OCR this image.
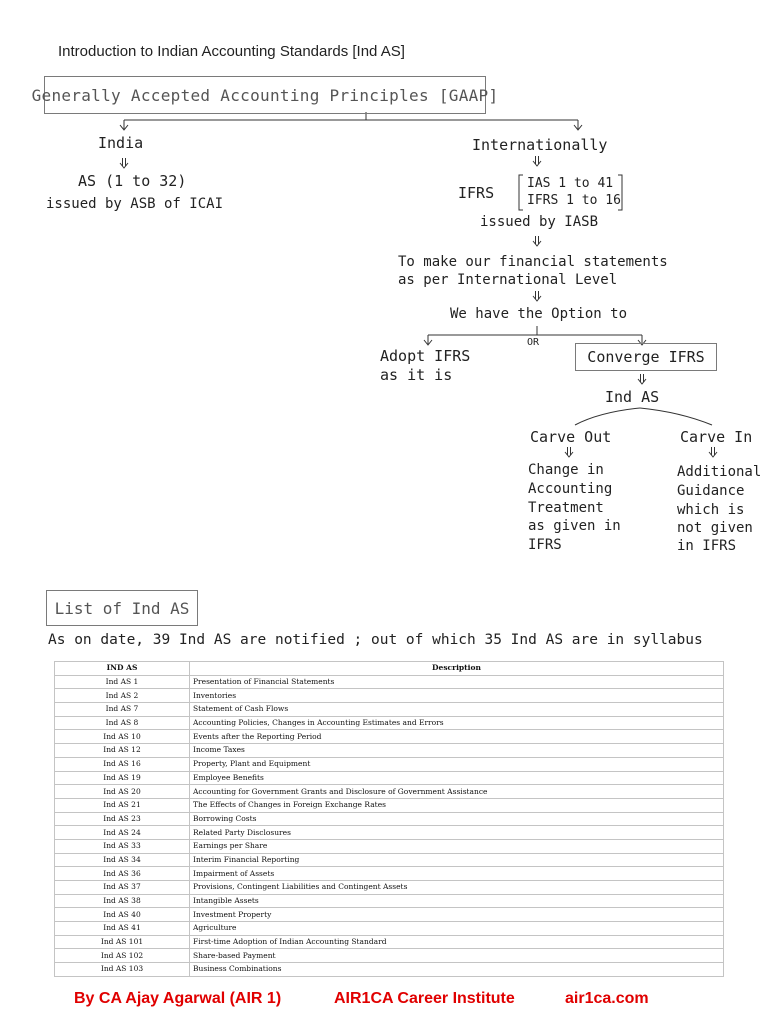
Introduction to Indian Accounting Standards [Ind AS]
Generally Accepted Accounting Principles [GAAP]
India
AS (1 to 32)
issued by ASB of ICAI
Internationally
IFRS
IAS 1 to 41
IFRS 1 to 16
issued by IASB
To make our financial statements
as per International Level
We have the Option to
OR
Adopt IFRS
as it is
Converge IFRS
Ind AS
Carve Out	Carve In
Change in
Accounting
Treatment
as given in
IFRS
Additional
Guidance
which is
not given
in IFRS
List of Ind AS
As on date, 39 Ind AS are notified ; out of which 35 Ind AS are in syllabus
IND AS	Description
Ind AS 1	Presentation of Financial Statements
Ind AS 2	Inventories
Ind AS 7	Statement of Cash Flows
Ind AS 8	Accounting Policies, Changes in Accounting Estimates and Errors
Ind AS 10	Events after the Reporting Period
Ind AS 12	Income Taxes
Ind AS 16	Property, Plant and Equipment
Ind AS 19	Employee Benefits
Ind AS 20	Accounting for Government Grants and Disclosure of Government Assistance
Ind AS 21	The Effects of Changes in Foreign Exchange Rates
Ind AS 23	Borrowing Costs
Ind AS 24	Related Party Disclosures
Ind AS 33	Earnings per Share
Ind AS 34	Interim Financial Reporting
Ind AS 36	Impairment of Assets
Ind AS 37	Provisions, Contingent Liabilities and Contingent Assets
Ind AS 38	Intangible Assets
Ind AS 40	Investment Property
Ind AS 41	Agriculture
Ind AS 101	First-time Adoption of Indian Accounting Standard
Ind AS 102	Share-based Payment
Ind AS 103	Business Combinations
By CA Ajay Agarwal (AIR 1)	AIR1CA Career Institute	air1ca.com
